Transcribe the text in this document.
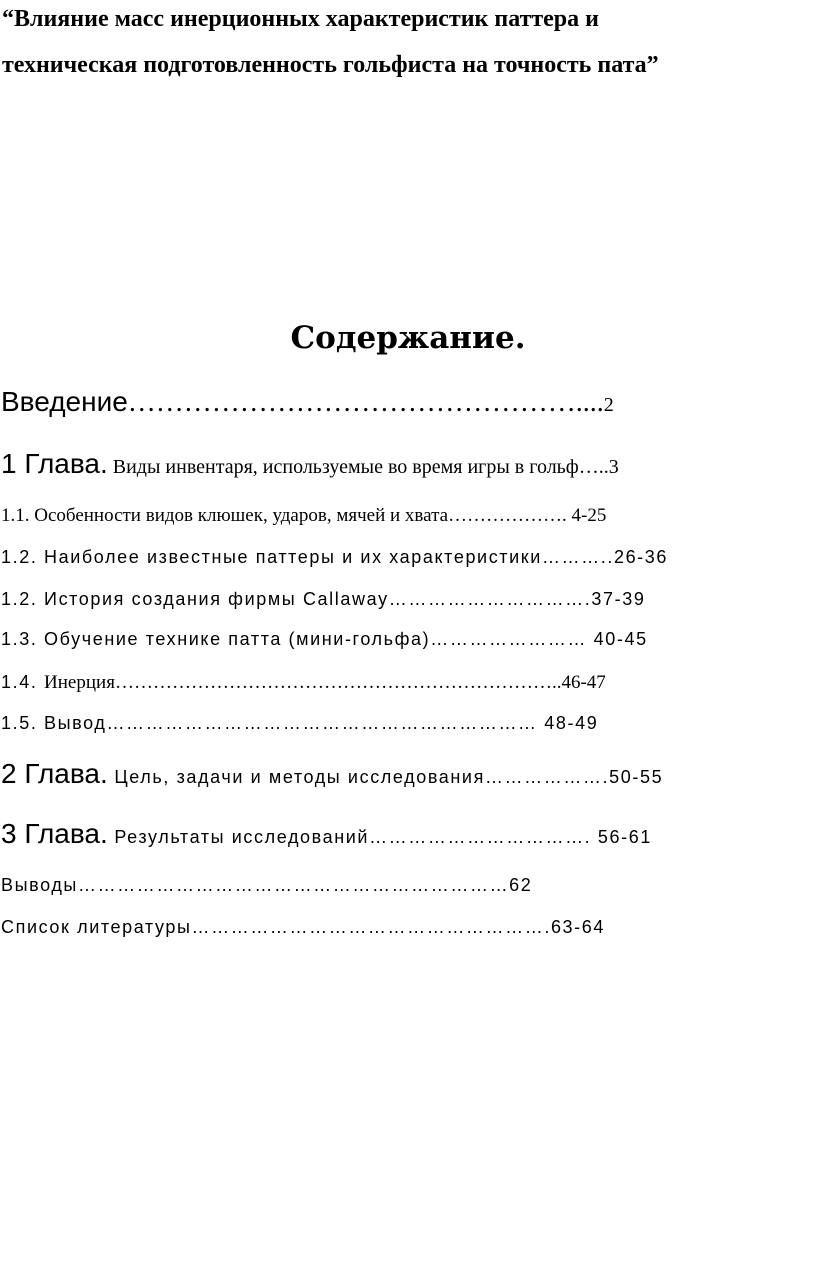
“Влияние масс инерционных характеристик паттера и
техническая подготовленность гольфиста на точность пата”
Содержание.
Введение…………………………………………....2
1 Глава. Виды инвентаря, используемые во время игры в гольф…..3
1.1. Особенности видов клюшек, ударов, мячей и хвата………………. 4-25
1.2. Наиболее известные паттеры и их характеристики………..26-36
1.2. История создания фирмы Callaway………………………….37-39
1.3. Обучение технике патта (мини-гольфа)…………………… 40-45
1.4. Инерция……………………………………………………………..46-47
1.5. Вывод………………………………………………………… 48-49
2 Глава. Цель, задачи и методы исследования……………….50-55
3 Глава. Результаты исследований……………………………. 56-61
Выводы…………………………………………………………62
Список литературы……………………………………………….63-64
